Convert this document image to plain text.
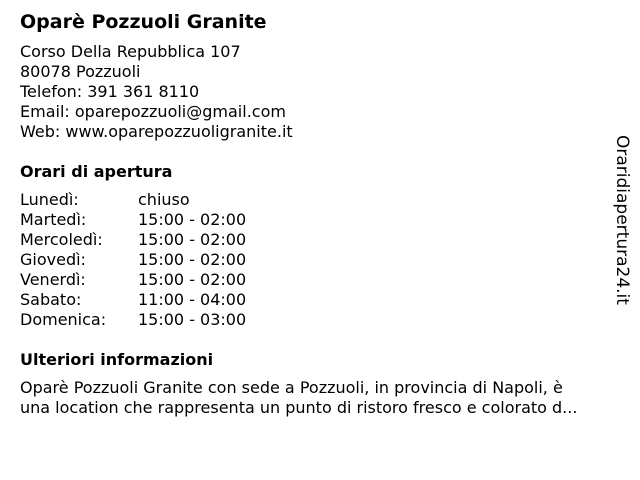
Oparè Pozzuoli Granite
Corso Della Repubblica 107
80078 Pozzuoli
Telefon: 391 361 8110
Email: oparepozzuoli@gmail.com
Web: www.oparepozzuoligranite.it
Orari di apertura
Lunedì:	chiuso
Martedì:	15:00 - 02:00
Mercoledì:	15:00 - 02:00
Giovedì:	15:00 - 02:00
Venerdì:	15:00 - 02:00
Sabato:	11:00 - 04:00
Domenica:	15:00 - 03:00
Ulteriori informazioni
Oparè Pozzuoli Granite con sede a Pozzuoli, in provincia di Napoli, è
una location che rappresenta un punto di ristoro fresco e colorato d...
Oraridiapertura24.it
